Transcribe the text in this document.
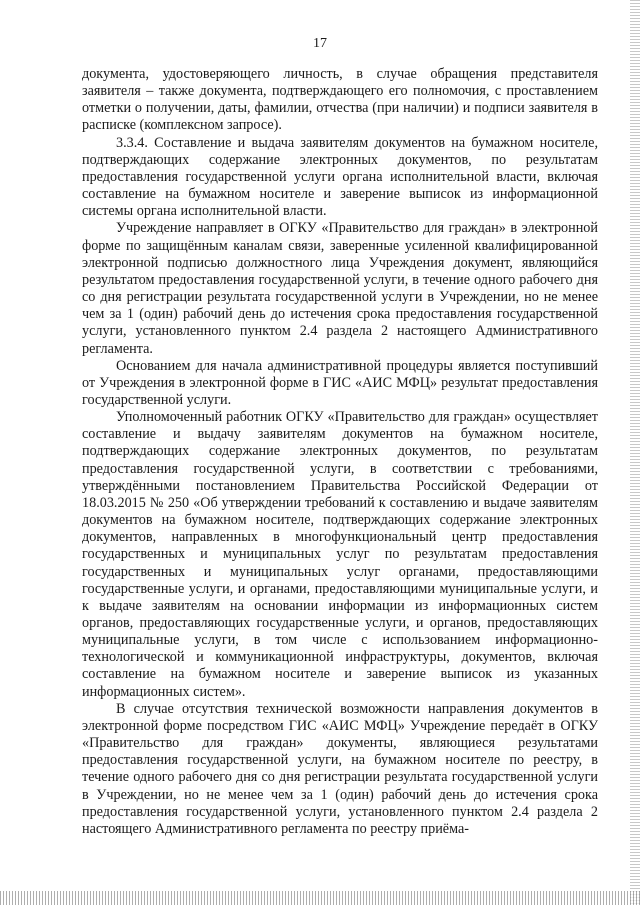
17

документа, удостоверяющего личность, в случае обращения представителя заявителя – также документа, подтверждающего его полномочия, с проставлением отметки о получении, даты, фамилии, отчества (при наличии) и подписи заявителя в расписке (комплексном запросе).

3.3.4. Составление и выдача заявителям документов на бумажном носителе, подтверждающих содержание электронных документов, по результатам предоставления государственной услуги органа исполнительной власти, включая составление на бумажном носителе и заверение выписок из информационной системы органа исполнительной власти.

Учреждение направляет в ОГКУ «Правительство для граждан» в электронной форме по защищённым каналам связи, заверенные усиленной квалифицированной электронной подписью должностного лица Учреждения документ, являющийся результатом предоставления государственной услуги, в течение одного рабочего дня со дня регистрации результата государственной услуги в Учреждении, но не менее чем за 1 (один) рабочий день до истечения срока предоставления государственной услуги, установленного пунктом 2.4 раздела 2 настоящего Административного регламента.

Основанием для начала административной процедуры является поступивший от Учреждения в электронной форме в ГИС «АИС МФЦ» результат предоставления государственной услуги.

Уполномоченный работник ОГКУ «Правительство для граждан» осуществляет составление и выдачу заявителям документов на бумажном носителе, подтверждающих содержание электронных документов, по результатам предоставления государственной услуги, в соответствии с требованиями, утверждёнными постановлением Правительства Российской Федерации от 18.03.2015 № 250 «Об утверждении требований к составлению и выдаче заявителям документов на бумажном носителе, подтверждающих содержание электронных документов, направленных в многофункциональный центр предоставления государственных и муниципальных услуг по результатам предоставления государственных и муниципальных услуг органами, предоставляющими государственные услуги, и органами, предоставляющими муниципальные услуги, и к выдаче заявителям на основании информации из информационных систем органов, предоставляющих государственные услуги, и органов, предоставляющих муниципальные услуги, в том числе с использованием информационно-технологической и коммуникационной инфраструктуры, документов, включая составление на бумажном носителе и заверение выписок из указанных информационных систем».

В случае отсутствия технической возможности направления документов в электронной форме посредством ГИС «АИС МФЦ» Учреждение передаёт в ОГКУ «Правительство для граждан» документы, являющиеся результатами предоставления государственной услуги, на бумажном носителе по реестру, в течение одного рабочего дня со дня регистрации результата государственной услуги в Учреждении, но не менее чем за 1 (один) рабочий день до истечения срока предоставления государственной услуги, установленного пунктом 2.4 раздела 2 настоящего Административного регламента по реестру приёма-
